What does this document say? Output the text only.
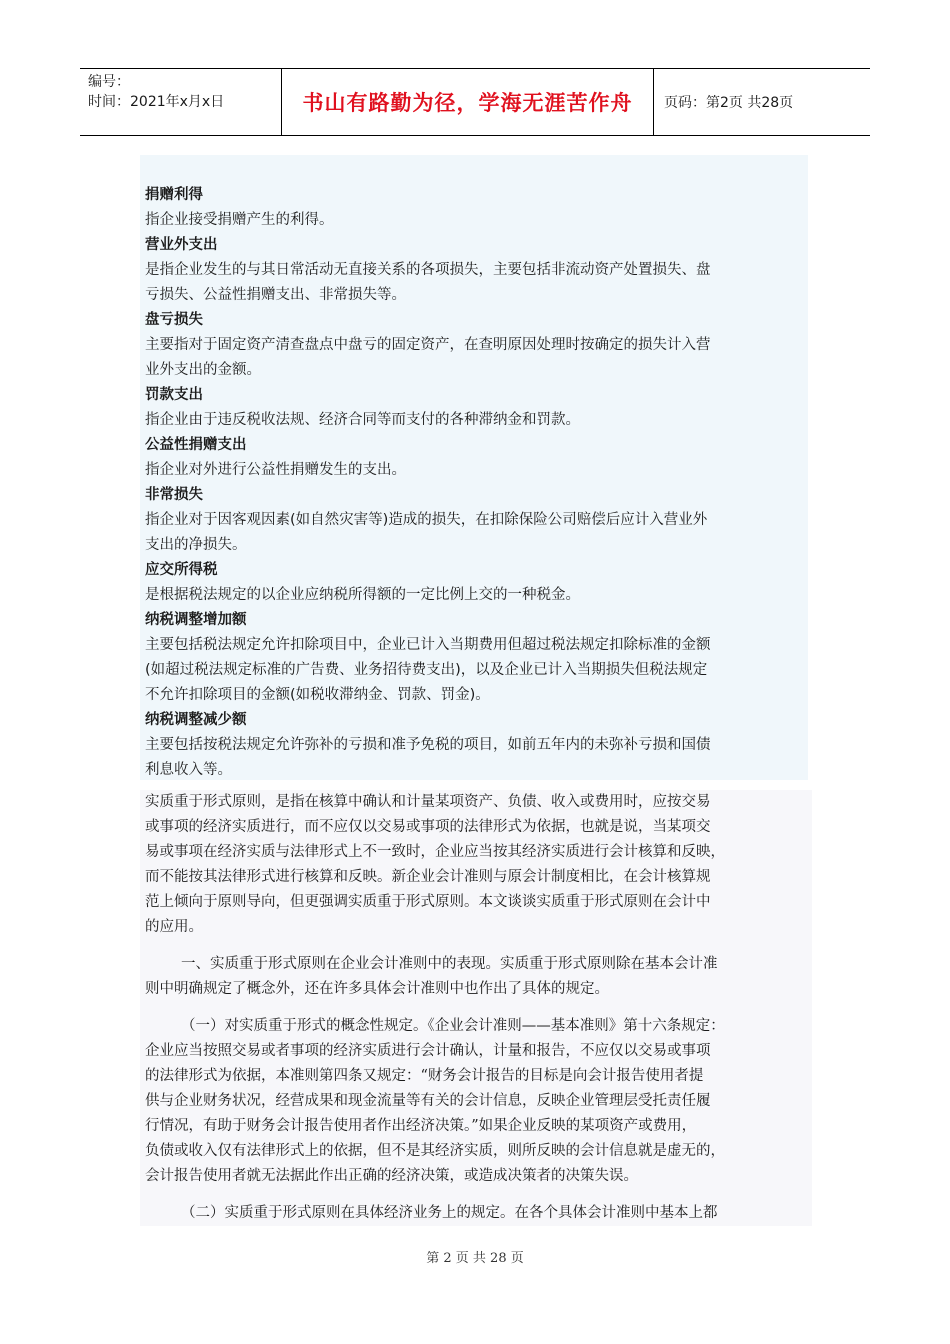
编号：
时间：2021年x月x日	书山有路勤为径，学海无涯苦作舟	页码：第2页 共28页
捐赠利得
指企业接受捐赠产生的利得。
营业外支出
是指企业发生的与其日常活动无直接关系的各项损失，主要包括非流动资产处置损失、盘
亏损失、公益性捐赠支出、非常损失等。
盘亏损失
主要指对于固定资产清查盘点中盘亏的固定资产，在查明原因处理时按确定的损失计入营
业外支出的金额。
罚款支出
指企业由于违反税收法规、经济合同等而支付的各种滞纳金和罚款。
公益性捐赠支出
指企业对外进行公益性捐赠发生的支出。
非常损失
指企业对于因客观因素(如自然灾害等)造成的损失，在扣除保险公司赔偿后应计入营业外
支出的净损失。
应交所得税
是根据税法规定的以企业应纳税所得额的一定比例上交的一种税金。
纳税调整增加额
主要包括税法规定允许扣除项目中，企业已计入当期费用但超过税法规定扣除标准的金额
(如超过税法规定标准的广告费、业务招待费支出)，以及企业已计入当期损失但税法规定
不允许扣除项目的金额(如税收滞纳金、罚款、罚金)。
纳税调整减少额
主要包括按税法规定允许弥补的亏损和准予免税的项目，如前五年内的未弥补亏损和国债
利息收入等。
实质重于形式原则，是指在核算中确认和计量某项资产、负债、收入或费用时，应按交易
或事项的经济实质进行，而不应仅以交易或事项的法律形式为依据，也就是说，当某项交
易或事项在经济实质与法律形式上不一致时，企业应当按其经济实质进行会计核算和反映，
而不能按其法律形式进行核算和反映。新企业会计准则与原会计制度相比，在会计核算规
范上倾向于原则导向，但更强调实质重于形式原则。本文谈谈实质重于形式原则在会计中
的应用。
一、实质重于形式原则在企业会计准则中的表现。实质重于形式原则除在基本会计准
则中明确规定了概念外，还在许多具体会计准则中也作出了具体的规定。
（一）对实质重于形式的概念性规定。《企业会计准则——基本准则》第十六条规定：
企业应当按照交易或者事项的经济实质进行会计确认，计量和报告，不应仅以交易或事项
的法律形式为依据，本准则第四条又规定：“财务会计报告的目标是向会计报告使用者提
供与企业财务状况，经营成果和现金流量等有关的会计信息，反映企业管理层受托责任履
行情况，有助于财务会计报告使用者作出经济决策。”如果企业反映的某项资产或费用，
负债或收入仅有法律形式上的依据，但不是其经济实质，则所反映的会计信息就是虚无的，
会计报告使用者就无法据此作出正确的经济决策，或造成决策者的决策失误。
（二）实质重于形式原则在具体经济业务上的规定。在各个具体会计准则中基本上都
第 2 页 共 28 页
